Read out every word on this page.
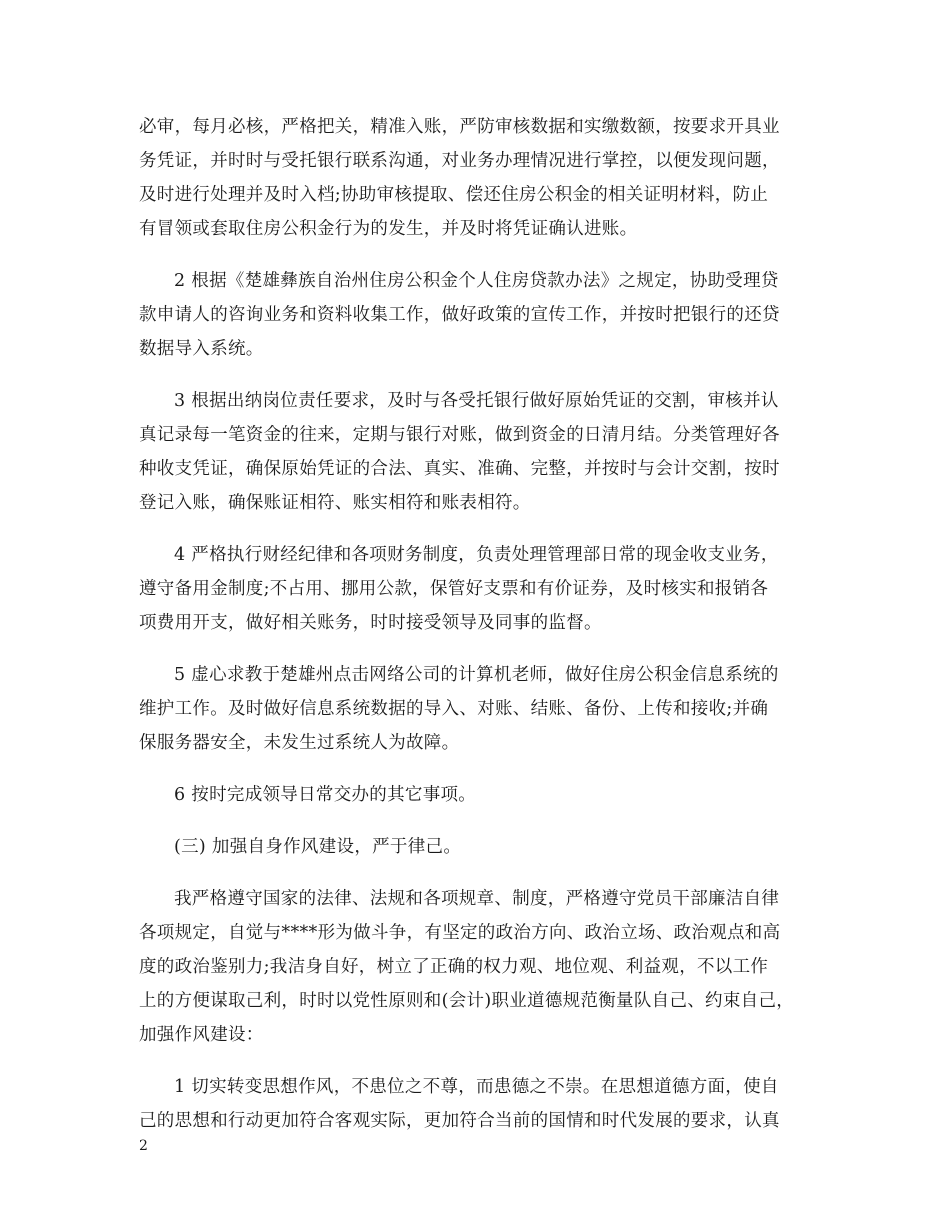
必审，每月必核，严格把关，精准入账，严防审核数据和实缴数额，按要求开具业
务凭证，并时时与受托银行联系沟通，对业务办理情况进行掌控，以便发现问题，
及时进行处理并及时入档;协助审核提取、偿还住房公积金的相关证明材料，防止
有冒领或套取住房公积金行为的发生，并及时将凭证确认进账。
2 根据《楚雄彝族自治州住房公积金个人住房贷款办法》之规定，协助受理贷
款申请人的咨询业务和资料收集工作，做好政策的宣传工作，并按时把银行的还贷
数据导入系统。
3 根据出纳岗位责任要求，及时与各受托银行做好原始凭证的交割，审核并认
真记录每一笔资金的往来，定期与银行对账，做到资金的日清月结。分类管理好各
种收支凭证，确保原始凭证的合法、真实、准确、完整，并按时与会计交割，按时
登记入账，确保账证相符、账实相符和账表相符。
4 严格执行财经纪律和各项财务制度，负责处理管理部日常的现金收支业务，
遵守备用金制度;不占用、挪用公款，保管好支票和有价证券，及时核实和报销各
项费用开支，做好相关账务，时时接受领导及同事的监督。
5 虚心求教于楚雄州点击网络公司的计算机老师，做好住房公积金信息系统的
维护工作。及时做好信息系统数据的导入、对账、结账、备份、上传和接收;并确
保服务器安全，未发生过系统人为故障。
6 按时完成领导日常交办的其它事项。
(三) 加强自身作风建设，严于律己。
我严格遵守国家的法律、法规和各项规章、制度，严格遵守党员干部廉洁自律
各项规定，自觉与****形为做斗争，有坚定的政治方向、政治立场、政治观点和高
度的政治鉴别力;我洁身自好，树立了正确的权力观、地位观、利益观，不以工作
上的方便谋取己利，时时以党性原则和(会计)职业道德规范衡量队自己、约束自己，
加强作风建设：
1 切实转变思想作风，不患位之不尊，而患德之不崇。在思想道德方面，使自
己的思想和行动更加符合客观实际，更加符合当前的国情和时代发展的要求，认真
2
